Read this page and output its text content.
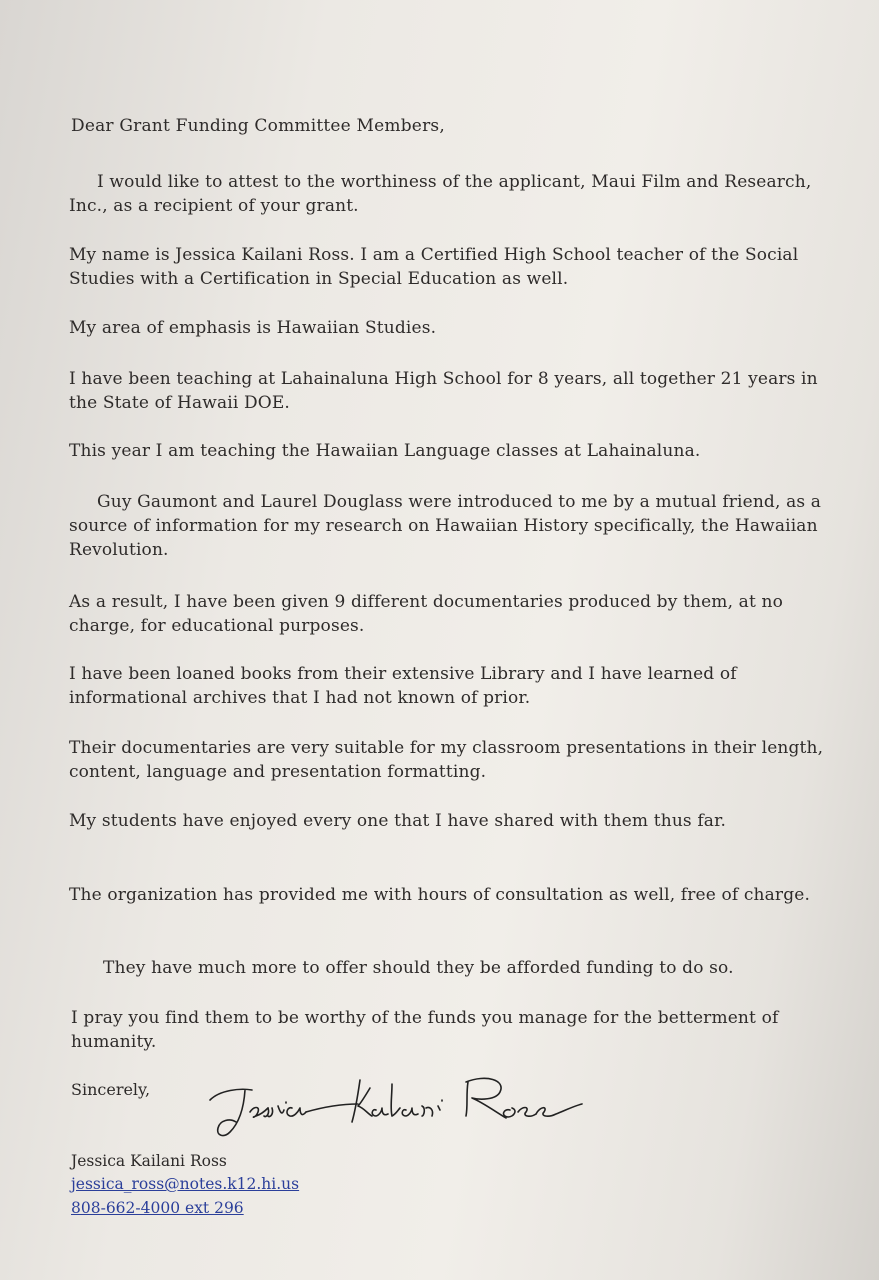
Dear Grant Funding Committee Members,
I would like to attest to the worthiness of the applicant, Maui Film and Research, Inc., as a recipient of your grant.
My name is Jessica Kailani Ross. I am a Certified High School teacher of the Social Studies with a Certification in Special Education as well.
My area of emphasis is Hawaiian Studies.
I have been teaching at Lahainaluna High School for 8 years, all together 21 years in the State of Hawaii DOE.
This year I am teaching the Hawaiian Language classes at Lahainaluna.
Guy Gaumont and Laurel Douglass were introduced to me by a mutual friend, as a source of information for my research on Hawaiian History specifically, the Hawaiian Revolution.
As a result, I have been given 9 different documentaries produced by them, at no charge, for educational purposes.
I have been loaned books from their extensive Library and I have learned of informational archives that I had not known of prior.
Their documentaries are very suitable for my classroom presentations in their length, content, language and presentation formatting.
My students have enjoyed every one that I have shared with them thus far.
The organization has provided me with hours of consultation as well, free of charge.
They have much more to offer should they be afforded funding to do so.
I pray you find them to be worthy of the funds you manage for the betterment of humanity.
Sincerely,
Jessica Kailani Ross
jessica_ross@notes.k12.hi.us
808-662-4000 ext 296
